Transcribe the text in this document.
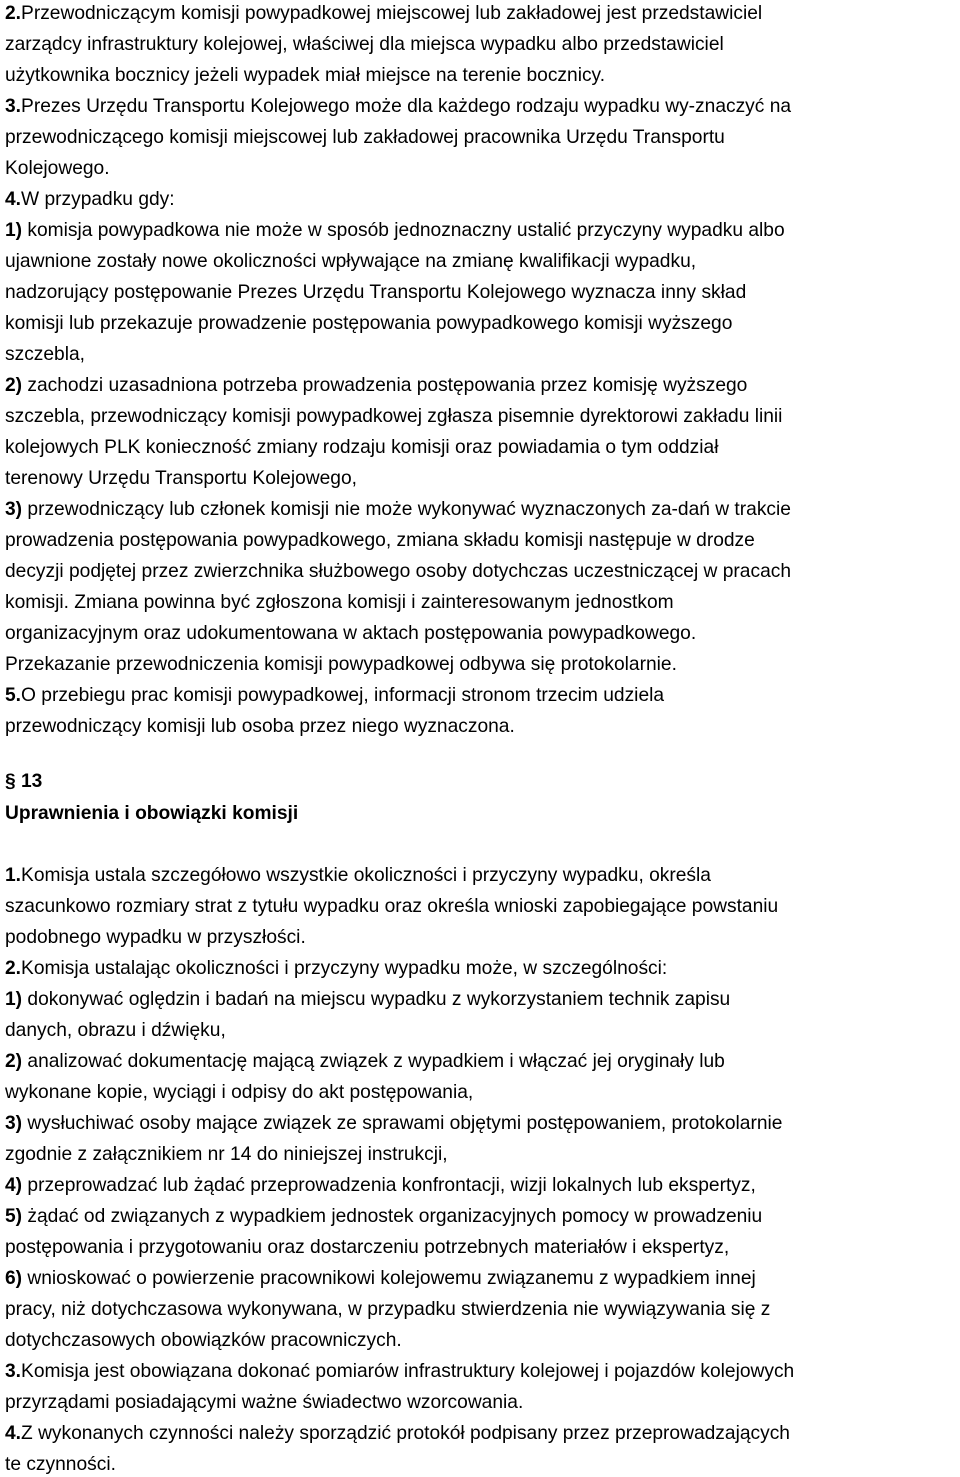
2.Przewodniczącym komisji powypadkowej miejscowej lub zakładowej jest przedstawiciel
zarządcy infrastruktury kolejowej, właściwej dla miejsca wypadku albo przedstawiciel
użytkownika bocznicy jeżeli wypadek miał miejsce na terenie bocznicy.
3.Prezes Urzędu Transportu Kolejowego może dla każdego rodzaju wypadku wy-znaczyć na
przewodniczącego komisji miejscowej lub zakładowej pracownika Urzędu Transportu
Kolejowego.
4.W przypadku gdy:
1) komisja powypadkowa nie może w sposób jednoznaczny ustalić przyczyny wypadku albo
ujawnione zostały nowe okoliczności wpływające na zmianę kwalifikacji wypadku,
nadzorujący postępowanie Prezes Urzędu Transportu Kolejowego wyznacza inny skład
komisji lub przekazuje prowadzenie postępowania powypadkowego komisji wyższego
szczebla,
2) zachodzi uzasadniona potrzeba prowadzenia postępowania przez komisję wyższego
szczebla, przewodniczący komisji powypadkowej zgłasza pisemnie dyrektorowi zakładu linii
kolejowych PLK konieczność zmiany rodzaju komisji oraz powiadamia o tym oddział
terenowy Urzędu Transportu Kolejowego,
3) przewodniczący lub członek komisji nie może wykonywać wyznaczonych za-dań w trakcie
prowadzenia postępowania powypadkowego, zmiana składu komisji następuje w drodze
decyzji podjętej przez zwierzchnika służbowego osoby dotychczas uczestniczącej w pracach
komisji. Zmiana powinna być zgłoszona komisji i zainteresowanym jednostkom
organizacyjnym oraz udokumentowana w aktach postępowania powypadkowego.
Przekazanie przewodniczenia komisji powypadkowej odbywa się protokolarnie.
5.O przebiegu prac komisji powypadkowej, informacji stronom trzecim udziela
przewodniczący komisji lub osoba przez niego wyznaczona.
§ 13
Uprawnienia i obowiązki komisji
1.Komisja ustala szczegółowo wszystkie okoliczności i przyczyny wypadku, określa
szacunkowo rozmiary strat z tytułu wypadku oraz określa wnioski zapobiegające powstaniu
podobnego wypadku w przyszłości.
2.Komisja ustalając okoliczności i przyczyny wypadku może, w szczególności:
1) dokonywać oględzin i badań na miejscu wypadku z wykorzystaniem technik zapisu
danych, obrazu i dźwięku,
2) analizować dokumentację mającą związek z wypadkiem i włączać jej oryginały lub
wykonane kopie, wyciągi i odpisy do akt postępowania,
3) wysłuchiwać osoby mające związek ze sprawami objętymi postępowaniem, protokolarnie
zgodnie z załącznikiem nr 14 do niniejszej instrukcji,
4) przeprowadzać lub żądać przeprowadzenia konfrontacji, wizji lokalnych lub ekspertyz,
5) żądać od związanych z wypadkiem jednostek organizacyjnych pomocy w prowadzeniu
postępowania i przygotowaniu oraz dostarczeniu potrzebnych materiałów i ekspertyz,
6) wnioskować o powierzenie pracownikowi kolejowemu związanemu z wypadkiem innej
pracy, niż dotychczasowa wykonywana, w przypadku stwierdzenia nie wywiązywania się z
dotychczasowych obowiązków pracowniczych.
3.Komisja jest obowiązana dokonać pomiarów infrastruktury kolejowej i pojazdów kolejowych
przyrządami posiadającymi ważne świadectwo wzorcowania.
4.Z wykonanych czynności należy sporządzić protokół podpisany przez przeprowadzających
te czynności.
